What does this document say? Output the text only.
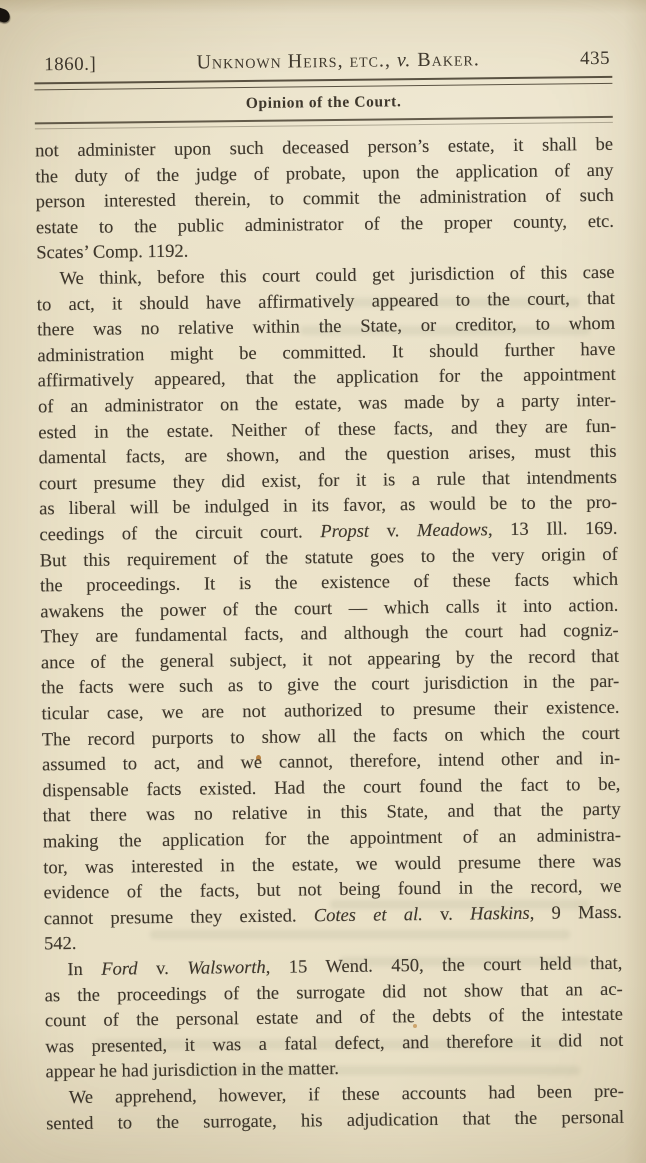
1860.]	Unknown Heirs, etc., v. Baker.	435
Opinion of the Court.
not administer upon such deceased person’s estate, it shall be
the duty of the judge of probate, upon the application of any
person interested therein, to commit the administration of such
estate to the public administrator of the proper county, etc.
Scates’ Comp. 1192.
We think, before this court could get jurisdiction of this case
to act, it should have affirmatively appeared to the court, that
there was no relative within the State, or creditor, to whom
administration might be committed. It should further have
affirmatively appeared, that the application for the appointment
of an administrator on the estate, was made by a party inter-
ested in the estate. Neither of these facts, and they are fun-
damental facts, are shown, and the question arises, must this
court presume they did exist, for it is a rule that intendments
as liberal will be indulged in its favor, as would be to the pro-
ceedings of the circuit court. Propst v. Meadows, 13 Ill. 169.
But this requirement of the statute goes to the very origin of
the proceedings. It is the existence of these facts which
awakens the power of the court — which calls it into action.
They are fundamental facts, and although the court had cogniz-
ance of the general subject, it not appearing by the record that
the facts were such as to give the court jurisdiction in the par-
ticular case, we are not authorized to presume their existence.
The record purports to show all the facts on which the court
assumed to act, and we cannot, therefore, intend other and in-
dispensable facts existed. Had the court found the fact to be,
that there was no relative in this State, and that the party
making the application for the appointment of an administra-
tor, was interested in the estate, we would presume there was
evidence of the facts, but not being found in the record, we
cannot presume they existed. Cotes et al. v. Haskins, 9 Mass.
542.
In Ford v. Walsworth, 15 Wend. 450, the court held that,
as the proceedings of the surrogate did not show that an ac-
count of the personal estate and of the debts of the intestate
was presented, it was a fatal defect, and therefore it did not
appear he had jurisdiction in the matter.
We apprehend, however, if these accounts had been pre-
sented to the surrogate, his adjudication that the personal
